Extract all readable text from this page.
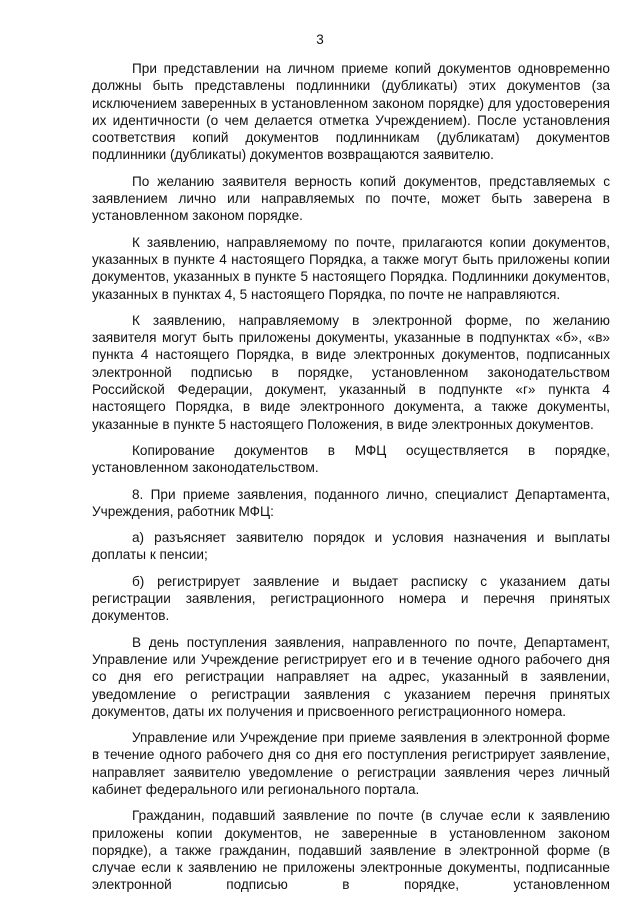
3

При представлении на личном приеме копий документов одновременно должны быть представлены подлинники (дубликаты) этих документов (за исключением заверенных в установленном законом порядке) для удостоверения их идентичности (о чем делается отметка Учреждением). После установления соответствия копий документов подлинникам (дубликатам) документов подлинники (дубликаты) документов возвращаются заявителю.

По желанию заявителя верность копий документов, представляемых с заявлением лично или направляемых по почте, может быть заверена в установленном законом порядке.

К заявлению, направляемому по почте, прилагаются копии документов, указанных в пункте 4 настоящего Порядка, а также могут быть приложены копии документов, указанных в пункте 5 настоящего Порядка. Подлинники документов, указанных в пунктах 4, 5 настоящего Порядка, по почте не направляются.

К заявлению, направляемому в электронной форме, по желанию заявителя могут быть приложены документы, указанные в подпунктах «б», «в» пункта 4 настоящего Порядка, в виде электронных документов, подписанных электронной подписью в порядке, установленном законодательством Российской Федерации, документ, указанный в подпункте «г» пункта 4 настоящего Порядка, в виде электронного документа, а также документы, указанные в пункте 5 настоящего Положения, в виде электронных документов.

Копирование документов в МФЦ осуществляется в порядке, установленном законодательством.

8. При приеме заявления, поданного лично, специалист Департамента, Учреждения, работник МФЦ:

а) разъясняет заявителю порядок и условия назначения и выплаты доплаты к пенсии;

б) регистрирует заявление и выдает расписку с указанием даты регистрации заявления, регистрационного номера и перечня принятых документов.

В день поступления заявления, направленного по почте, Департамент, Управление или Учреждение регистрирует его и в течение одного рабочего дня со дня его регистрации направляет на адрес, указанный в заявлении, уведомление о регистрации заявления с указанием перечня принятых документов, даты их получения и присвоенного регистрационного номера.

Управление или Учреждение при приеме заявления в электронной форме в течение одного рабочего дня со дня его поступления регистрирует заявление, направляет заявителю уведомление о регистрации заявления через личный кабинет федерального или регионального портала.

Гражданин, подавший заявление по почте (в случае если к заявлению приложены копии документов, не заверенные в установленном законом порядке), а также гражданин, подавший заявление в электронной форме (в случае если к заявлению не приложены электронные документы, подписанные электронной подписью в порядке, установленном
